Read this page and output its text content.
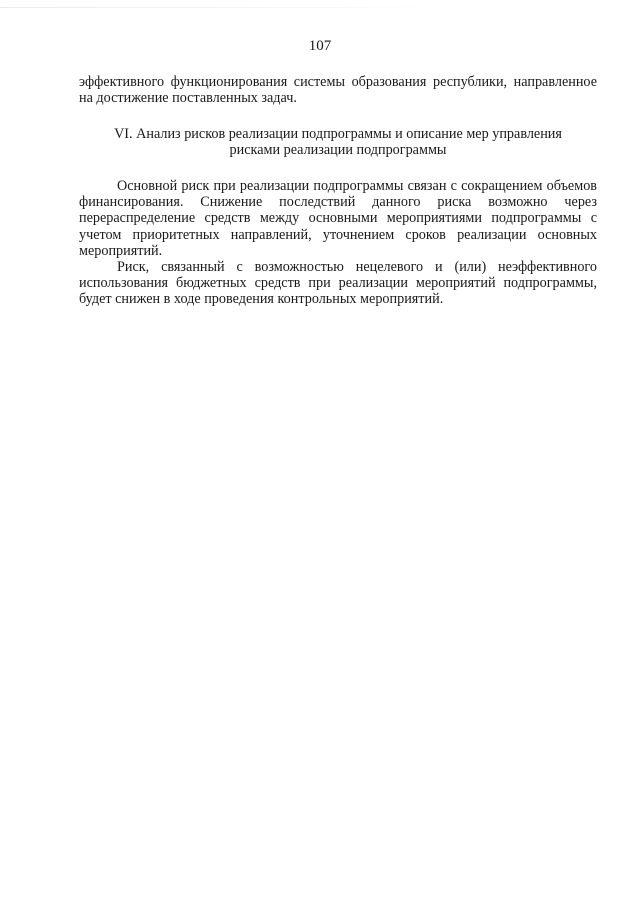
107

эффективного функционирования системы образования республики, направленное на достижение поставленных задач.

VI. Анализ рисков реализации подпрограммы и описание мер управления
рисками реализации подпрограммы

Основной риск при реализации подпрограммы связан с сокращением объемов финансирования. Снижение последствий данного риска возможно через перераспределение средств между основными мероприятиями подпрограммы с учетом приоритетных направлений, уточнением сроков реализации основных мероприятий.

Риск, связанный с возможностью нецелевого и (или) неэффективного использования бюджетных средств при реализации мероприятий подпрограммы, будет снижен в ходе проведения контрольных мероприятий.
